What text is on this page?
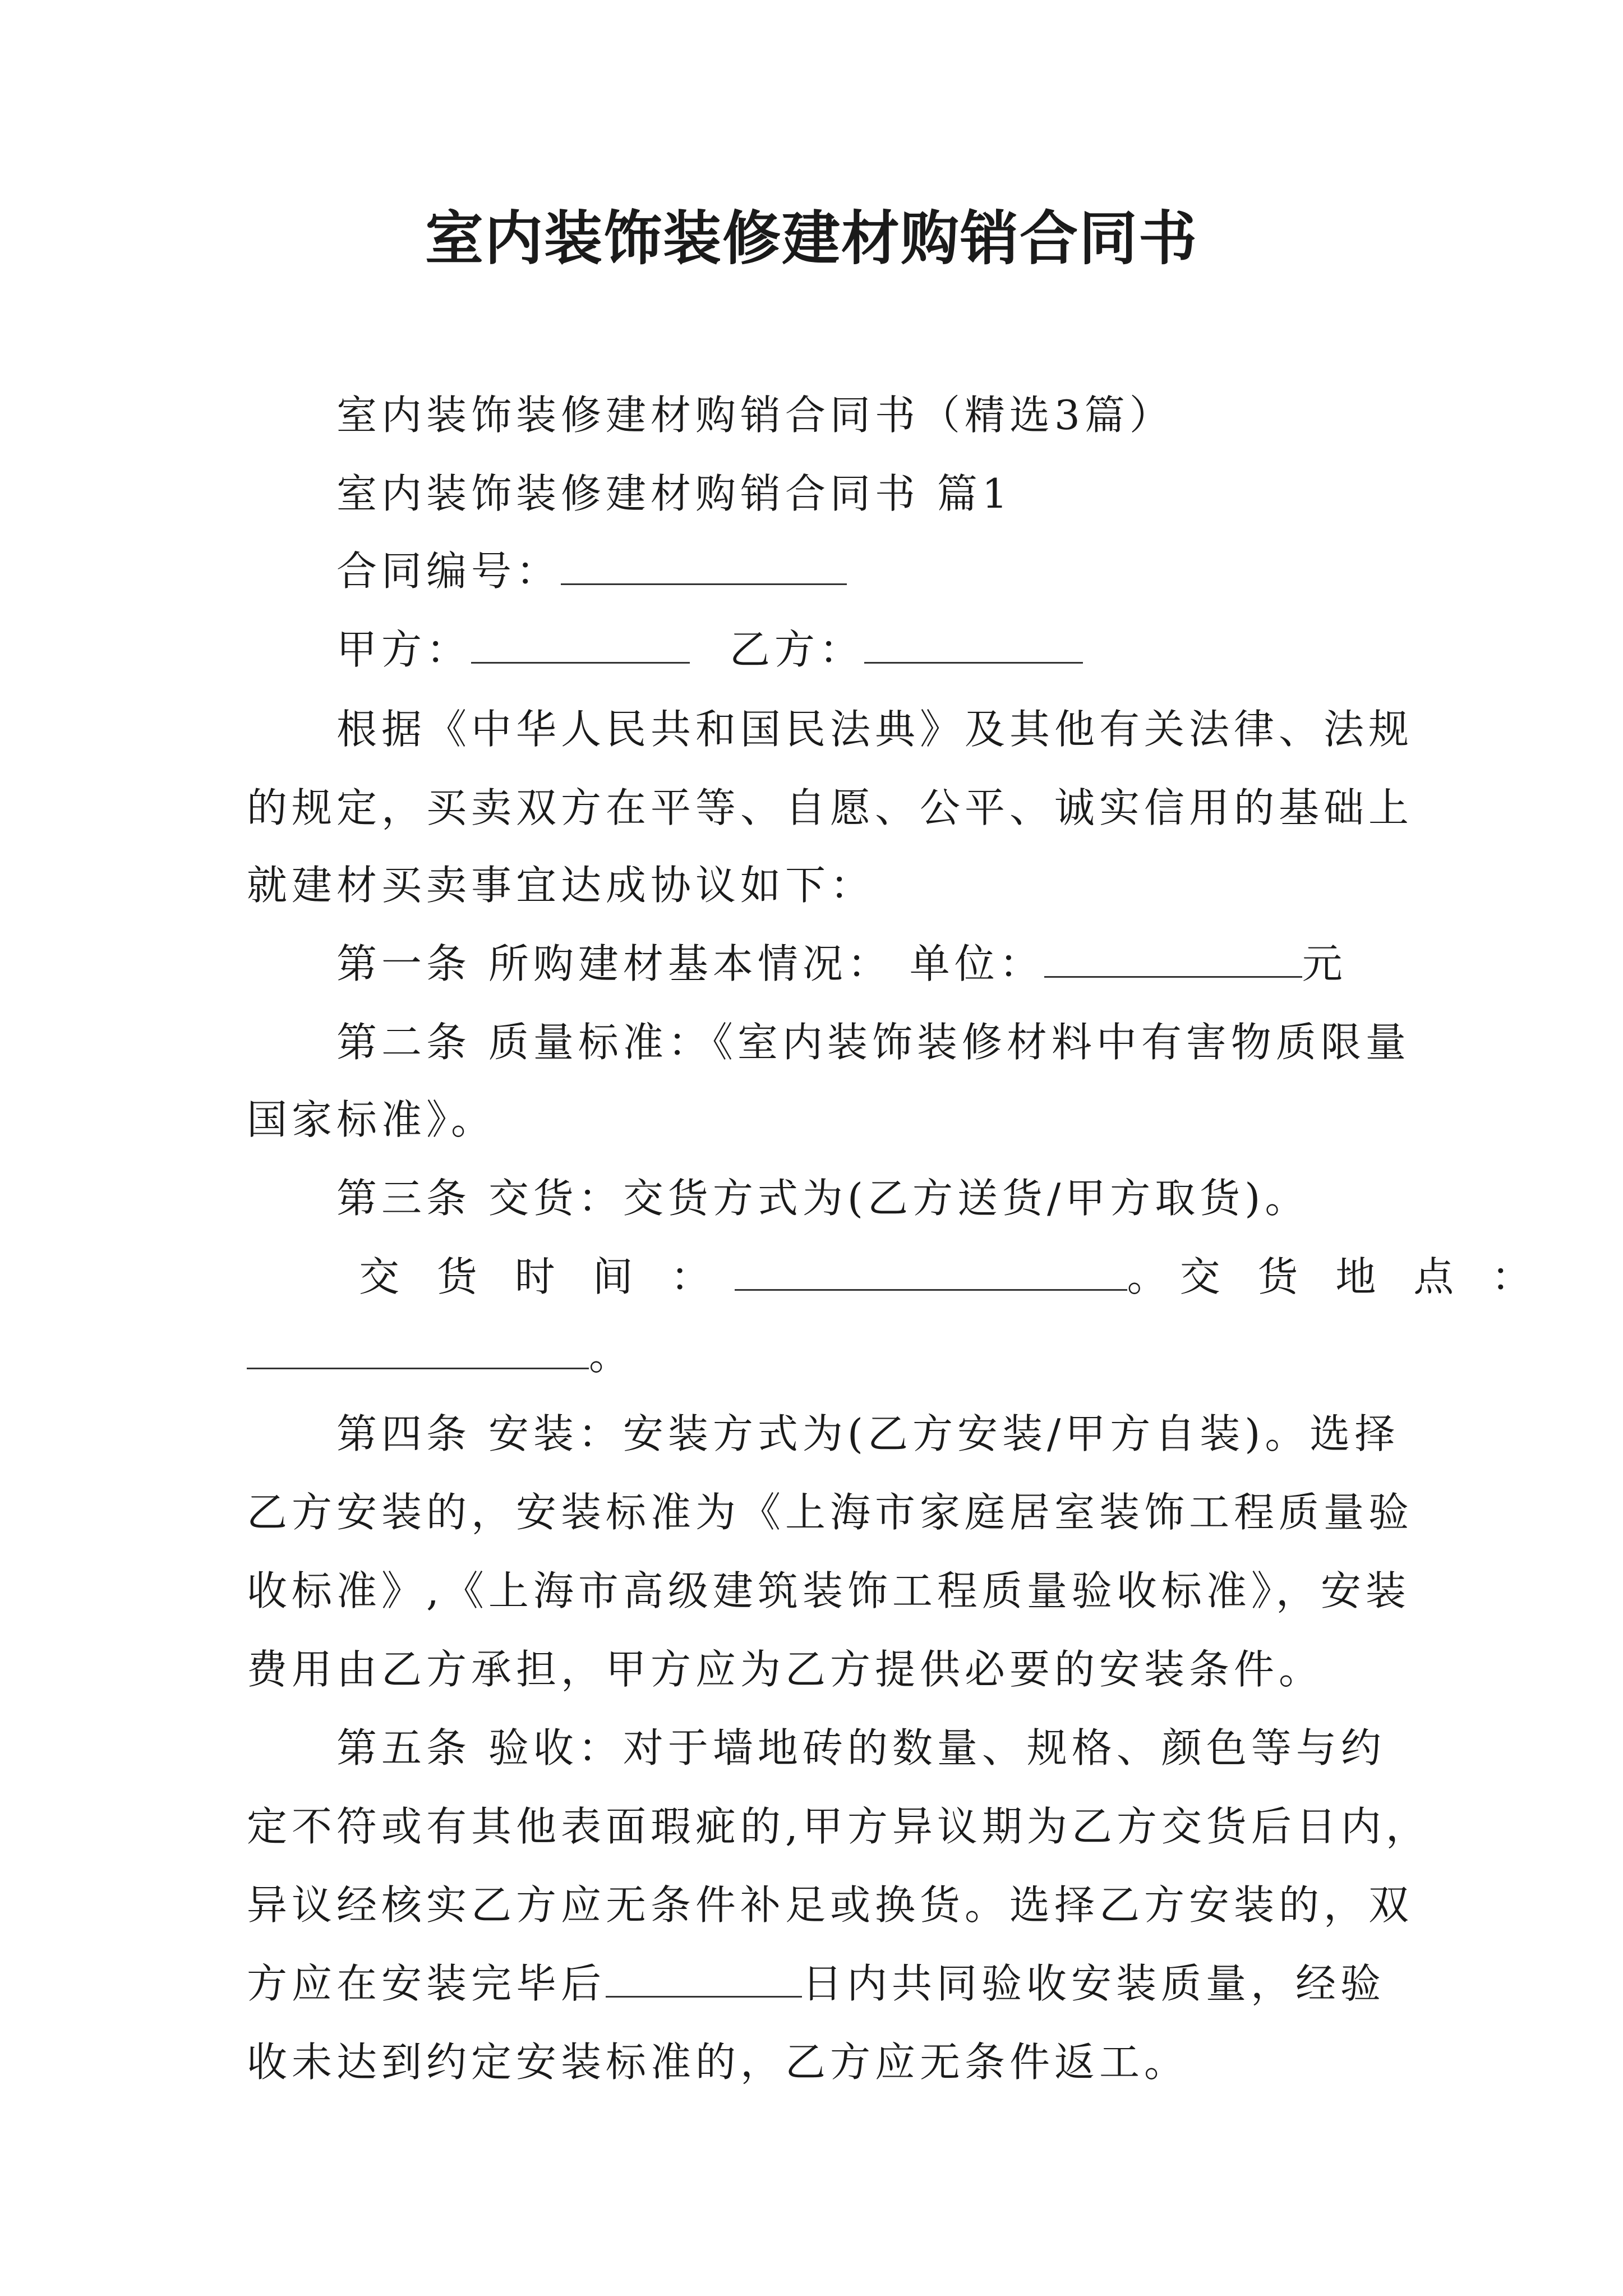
室内装饰装修建材购销合同书
室内装饰装修建材购销合同书（精选3篇）
室内装饰装修建材购销合同书 篇1
合同编号：
甲方：	乙方：
根据《中华人民共和国民法典》及其他有关法律、法规
的规定，买卖双方在平等、自愿、公平、诚实信用的基础上
就建材买卖事宜达成协议如下：
第一条 所购建材基本情况： 单位：	元
第二条 质量标准：《室内装饰装修材料中有害物质限量
国家标准》。
第三条 交货：交货方式为(乙方送货/甲方取货)。
交 货 时 间 ：	。交 货 地 点 ：
。
第四条 安装：安装方式为(乙方安装/甲方自装)。选择
乙方安装的，安装标准为《上海市家庭居室装饰工程质量验
收标准》,《上海市高级建筑装饰工程质量验收标准》，安装
费用由乙方承担，甲方应为乙方提供必要的安装条件。
第五条 验收：对于墙地砖的数量、规格、颜色等与约
定不符或有其他表面瑕疵的,甲方异议期为乙方交货后日内，
异议经核实乙方应无条件补足或换货。选择乙方安装的，双
方应在安装完毕后	日内共同验收安装质量，经验
收未达到约定安装标准的，乙方应无条件返工。
